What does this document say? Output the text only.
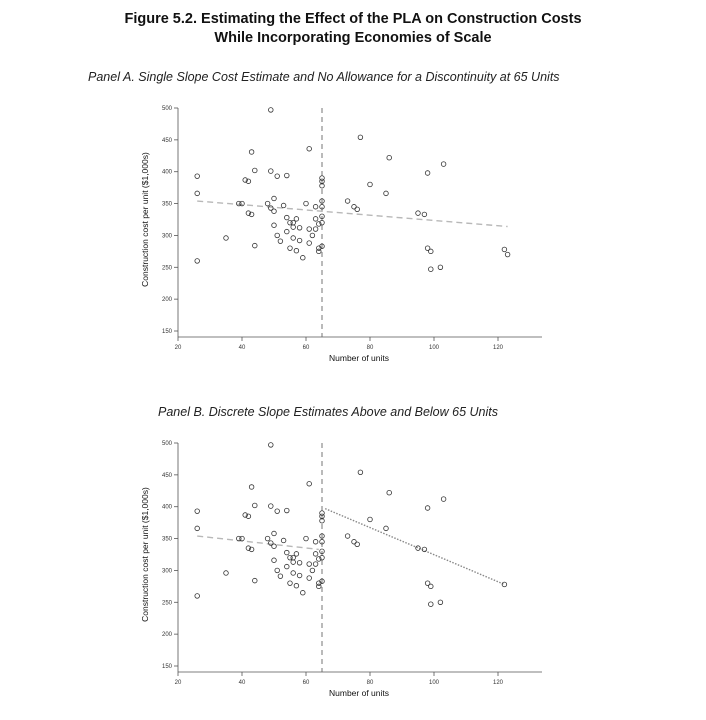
Figure 5.2. Estimating the Effect of the PLA on Construction Costs
While Incorporating Economies of Scale
Panel A. Single Slope Cost Estimate and No Allowance for a Discontinuity at 65 Units
150
200
250
300
350
400
450
500
20	40	60	80	100	120
Number of units
Construction cost per unit ($1,000s)
Panel B. Discrete Slope Estimates Above and Below 65 Units
150
200
250
300
350
400
450
500
20	40	60	80	100	120
Number of units
Construction cost per unit ($1,000s)
